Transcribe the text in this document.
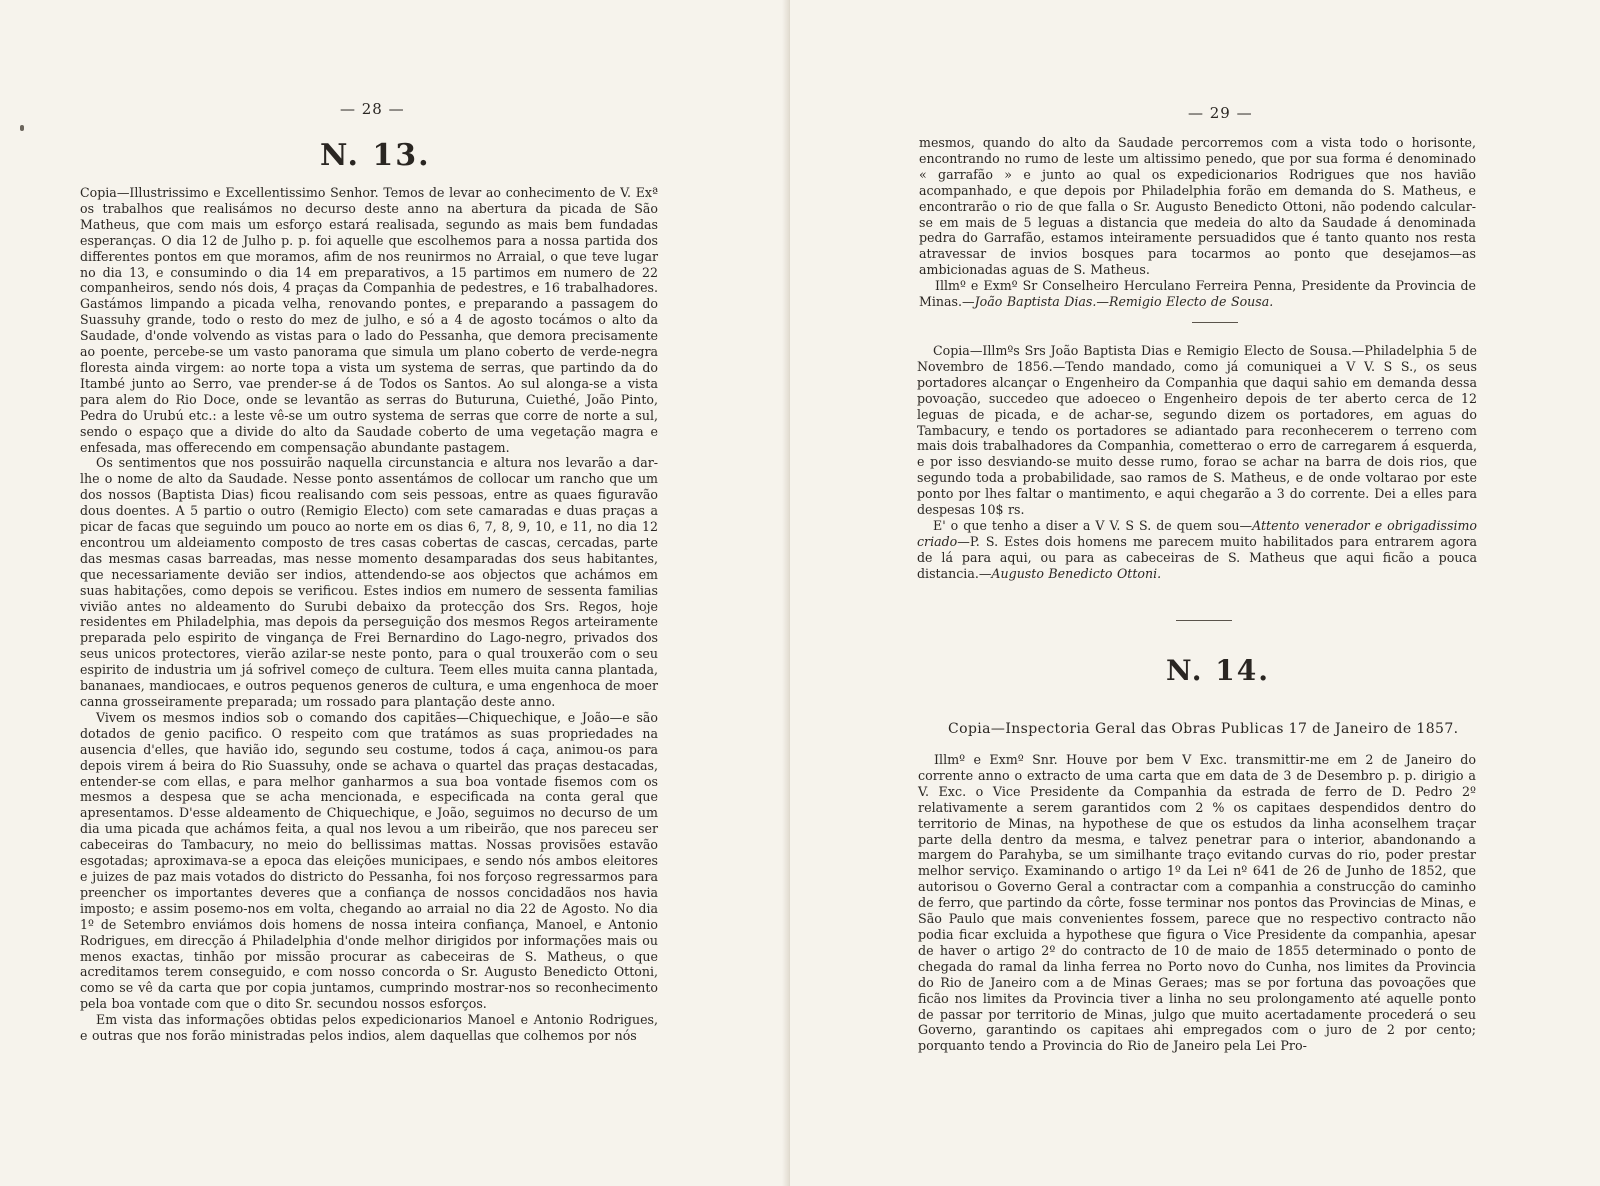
— 28 —
N. 13.

Copia—Illustrissimo e Excellentissimo Senhor. Temos de levar ao conhecimento de V. Exª os trabalhos que realisámos no decurso deste anno na abertura da picada de São Matheus, que com mais um esforço estará realisada, segundo as mais bem fundadas esperanças. O dia 12 de Julho p. p. foi aquelle que escolhemos para a nossa partida dos differentes pontos em que moramos, afim de nos reunirmos no Arraial, o que teve lugar no dia 13, e consumindo o dia 14 em preparativos, a 15 partimos em numero de 22 companheiros, sendo nós dois, 4 praças da Companhia de pedestres, e 16 trabalhadores. Gastámos limpando a picada velha, renovando pontes, e preparando a passagem do Suassuhy grande, todo o resto do mez de julho, e só a 4 de agosto tocámos o alto da Saudade, d'onde volvendo as vistas para o lado do Pessanha, que demora precisamente ao poente, percebe-se um vasto panorama que simula um plano coberto de verde-negra floresta ainda virgem: ao norte topa a vista um systema de serras, que partindo da do Itambé junto ao Serro, vae prender-se á de Todos os Santos. Ao sul alonga-se a vista para alem do Rio Doce, onde se levantão as serras do Buturuna, Cuiethé, João Pinto, Pedra do Urubú etc.: a leste vê-se um outro systema de serras que corre de norte a sul, sendo o espaço que a divide do alto da Saudade coberto de uma vegetação magra e enfesada, mas offerecendo em compensação abundante pastagem.

Os sentimentos que nos possuirão naquella circunstancia e altura nos levarão a dar-lhe o nome de alto da Saudade. Nesse ponto assentámos de collocar um rancho que um dos nossos (Baptista Dias) ficou realisando com seis pessoas, entre as quaes figuravão dous doentes. A 5 partio o outro (Remigio Electo) com sete camaradas e duas praças a picar de facas que seguindo um pouco ao norte em os dias 6, 7, 8, 9, 10, e 11, no dia 12 encontrou um aldeiamento composto de tres casas cobertas de cascas, cercadas, parte das mesmas casas barreadas, mas nesse momento desamparadas dos seus habitantes, que necessariamente devião ser indios, attendendo-se aos objectos que achámos em suas habitações, como depois se verificou. Estes indios em numero de sessenta familias vivião antes no aldeamento do Surubi debaixo da protecção dos Srs. Regos, hoje residentes em Philadelphia, mas depois da perseguição dos mesmos Regos arteiramente preparada pelo espirito de vingança de Frei Bernardino do Lago-negro, privados dos seus unicos protectores, vierão azilar-se neste ponto, para o qual trouxerão com o seu espirito de industria um já sofrivel começo de cultura. Teem elles muita canna plantada, bananaes, mandiocaes, e outros pequenos generos de cultura, e uma engenhoca de moer canna grosseiramente preparada; um rossado para plantação deste anno.

Vivem os mesmos indios sob o comando dos capitães—Chiquechique, e João—e são dotados de genio pacifico. O respeito com que tratámos as suas propriedades na ausencia d'elles, que havião ido, segundo seu costume, todos á caça, animou-os para depois virem á beira do Rio Suassuhy, onde se achava o quartel das praças destacadas, entender-se com ellas, e para melhor ganharmos a sua boa vontade fisemos com os mesmos a despesa que se acha mencionada, e especificada na conta geral que apresentamos. D'esse aldeamento de Chiquechique, e João, seguimos no decurso de um dia uma picada que achámos feita, a qual nos levou a um ribeirão, que nos pareceu ser cabeceiras do Tambacury, no meio do bellissimas mattas. Nossas provisões estavão esgotadas; aproximava-se a epoca das eleições municipaes, e sendo nós ambos eleitores e juizes de paz mais votados do districto do Pessanha, foi nos forçoso regressarmos para preencher os importantes deveres que a confiança de nossos concidadãos nos havia imposto; e assim posemo-nos em volta, chegando ao arraial no dia 22 de Agosto. No dia 1º de Setembro enviámos dois homens de nossa inteira confiança, Manoel, e Antonio Rodrigues, em direcção á Philadelphia d'onde melhor dirigidos por informações mais ou menos exactas, tinhão por missão procurar as cabeceiras de S. Matheus, o que acreditamos terem conseguido, e com nosso concorda o Sr. Augusto Benedicto Ottoni, como se vê da carta que por copia juntamos, cumprindo mostrar-nos so reconhecimento pela boa vontade com que o dito Sr. secundou nossos esforços.

Em vista das informações obtidas pelos expedicionarios Manoel e Antonio Rodrigues, e outras que nos forão ministradas pelos indios, alem daquellas que colhemos por nós

— 29 —

mesmos, quando do alto da Saudade percorremos com a vista todo o horisonte, encontrando no rumo de leste um altissimo penedo, que por sua forma é denominado « garrafão » e junto ao qual os expedicionarios Rodrigues que nos havião acompanhado, e que depois por Philadelphia forão em demanda do S. Matheus, e encontrarão o rio de que falla o Sr. Augusto Benedicto Ottoni, não podendo calcular-se em mais de 5 leguas a distancia que medeia do alto da Saudade á denominada pedra do Garrafão, estamos inteiramente persuadidos que é tanto quanto nos resta atravessar de invios bosques para tocarmos ao ponto que desejamos—as ambicionadas aguas de S. Matheus.

Illmº e Exmº Sr Conselheiro Herculano Ferreira Penna, Presidente da Provincia de Minas.—João Baptista Dias.—Remigio Electo de Sousa.

Copia—Illmºs Srs João Baptista Dias e Remigio Electo de Sousa.—Philadelphia 5 de Novembro de 1856.—Tendo mandado, como já comuniquei a V V. S S., os seus portadores alcançar o Engenheiro da Companhia que daqui sahio em demanda dessa povoação, succedeo que adoeceo o Engenheiro depois de ter aberto cerca de 12 leguas de picada, e de achar-se, segundo dizem os portadores, em aguas do Tambacury, e tendo os portadores se adiantado para reconhecerem o terreno com mais dois trabalhadores da Companhia, cometterao o erro de carregarem á esquerda, e por isso desviando-se muito desse rumo, forao se achar na barra de dois rios, que segundo toda a probabilidade, sao ramos de S. Matheus, e de onde voltarao por este ponto por lhes faltar o mantimento, e aqui chegarão a 3 do corrente. Dei a elles para despesas 10$ rs.

E' o que tenho a diser a V V. S S. de quem sou—Attento venerador e obrigadissimo criado—P. S. Estes dois homens me parecem muito habilitados para entrarem agora de lá para aqui, ou para as cabeceiras de S. Matheus que aqui ficão a pouca distancia.—Augusto Benedicto Ottoni.

N. 14.
Copia—Inspectoria Geral das Obras Publicas 17 de Janeiro de 1857.

Illmº e Exmº Snr. Houve por bem V Exc. transmittir-me em 2 de Janeiro do corrente anno o extracto de uma carta que em data de 3 de Desembro p. p. dirigio a V. Exc. o Vice Presidente da Companhia da estrada de ferro de D. Pedro 2º relativamente a serem garantidos com 2 % os capitaes despendidos dentro do territorio de Minas, na hypothese de que os estudos da linha aconselhem traçar parte della dentro da mesma, e talvez penetrar para o interior, abandonando a margem do Parahyba, se um similhante traço evitando curvas do rio, poder prestar melhor serviço. Examinando o artigo 1º da Lei nº 641 de 26 de Junho de 1852, que autorisou o Governo Geral a contractar com a companhia a construcção do caminho de ferro, que partindo da côrte, fosse terminar nos pontos das Provincias de Minas, e São Paulo que mais convenientes fossem, parece que no respectivo contracto não podia ficar excluida a hypothese que figura o Vice Presidente da companhia, apesar de haver o artigo 2º do contracto de 10 de maio de 1855 determinado o ponto de chegada do ramal da linha ferrea no Porto novo do Cunha, nos limites da Provincia do Rio de Janeiro com a de Minas Geraes; mas se por fortuna das povoações que ficão nos limites da Provincia tiver a linha no seu prolongamento até aquelle ponto de passar por territorio de Minas, julgo que muito acertadamente procederá o seu Governo, garantindo os capitaes ahi empregados com o juro de 2 por cento; porquanto tendo a Provincia do Rio de Janeiro pela Lei Pro-
